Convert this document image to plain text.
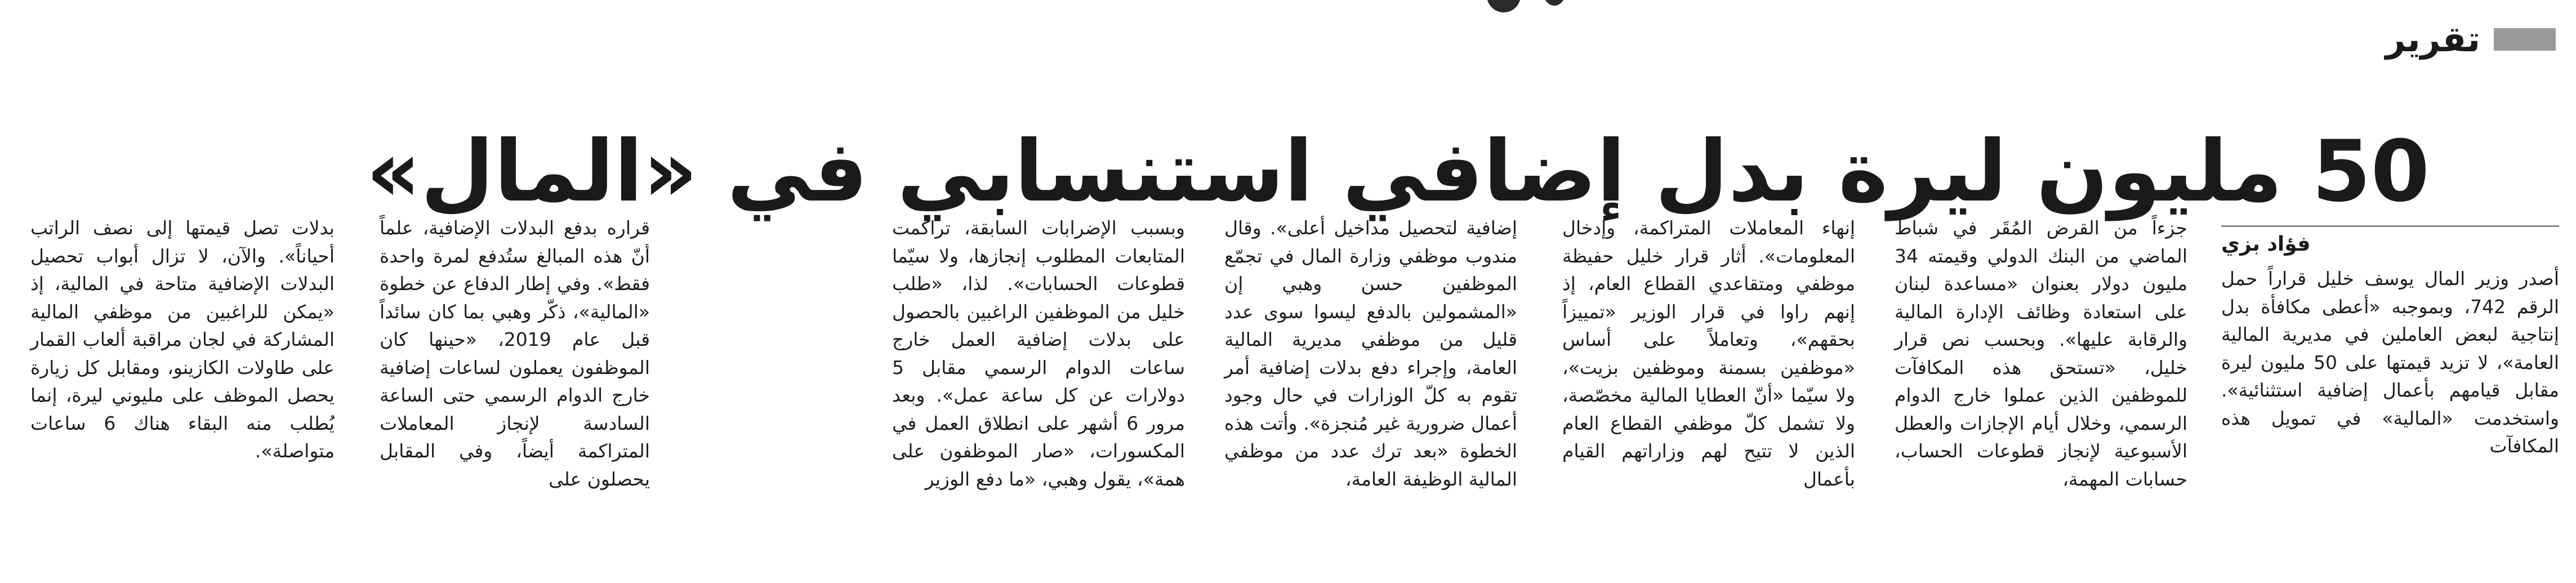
تقرير
50 مليون ليرة بدل إضافي استنسابي في «المال»
فؤاد بزي

أصدر وزير المال يوسف خليل قراراً حمل الرقم 742، وبموجبه «أعطى مكافأة بدل إنتاجية لبعض العاملين في مديرية المالية العامة»، لا تزيد قيمتها على 50 مليون ليرة مقابل قيامهم بأعمال إضافية استثنائية». واستخدمت «المالية» في تمويل هذه المكافآت

جزءاً من القرض المُقَر في شباط الماضي من البنك الدولي وقيمته 34 مليون دولار بعنوان «مساعدة لبنان على استعادة وظائف الإدارة المالية والرقابة عليها». وبحسب نص قرار خليل، «تستحق هذه المكافآت للموظفين الذين عملوا خارج الدوام الرسمي، وخلال أيام الإجازات والعطل الأسبوعية لإنجاز قطوعات الحساب، حسابات المهمة،

إنهاء المعاملات المتراكمة، وإدخال المعلومات». أثار قرار خليل حفيظة موظفي ومتقاعدي القطاع العام، إذ إنهم راوا في قرار الوزير «تمييزاً بحقهم»، وتعاملاً على أساس «موظفين بسمنة وموظفين بزيت»، ولا سيّما «أنّ العطايا المالية مخصّصة، ولا تشمل كلّ موظفي القطاع العام الذين لا تتيح لهم وزاراتهم القيام بأعمال

إضافية لتحصيل مداخيل أعلى». وقال مندوب موظفي وزارة المال في تجمّع الموظفين حسن وهبي إن «المشمولين بالدفع ليسوا سوى عدد قليل من موظفي مديرية المالية العامة، وإجراء دفع بدلات إضافية أمر تقوم به كلّ الوزارات في حال وجود أعمال ضرورية غير مُنجزة». وأتت هذه الخطوة «بعد ترك عدد من موظفي المالية الوظيفة العامة،

وبسبب الإضرابات السابقة، تراكمت المتابعات المطلوب إنجازها، ولا سيّما قطوعات الحسابات». لذا، «طلب خليل من الموظفين الراغبين بالحصول على بدلات إضافية العمل خارج ساعات الدوام الرسمي مقابل 5 دولارات عن كل ساعة عمل». وبعد مرور 6 أشهر على انطلاق العمل في المكسورات، «صار الموظفون على همة»، يقول وهبي، «ما دفع الوزير

قراره بدفع البدلات الإضافية، علماً أنّ هذه المبالغ ستُدفع لمرة واحدة فقط». وفي إطار الدفاع عن خطوة «المالية»، ذكّر وهبي بما كان سائداً قبل عام 2019، «حينها كان الموظفون يعملون لساعات إضافية خارج الدوام الرسمي حتى الساعة السادسة لإنجاز المعاملات المتراكمة أيضاً، وفي المقابل يحصلون على

بدلات تصل قيمتها إلى نصف الراتب أحياناً». والآن، لا تزال أبواب تحصيل البدلات الإضافية متاحة في المالية، إذ «يمكن للراغبين من موظفي المالية المشاركة في لجان مراقبة ألعاب القمار على طاولات الكازينو، ومقابل كل زيارة يحصل الموظف على مليوني ليرة، إنما يُطلب منه البقاء هناك 6 ساعات متواصلة».
